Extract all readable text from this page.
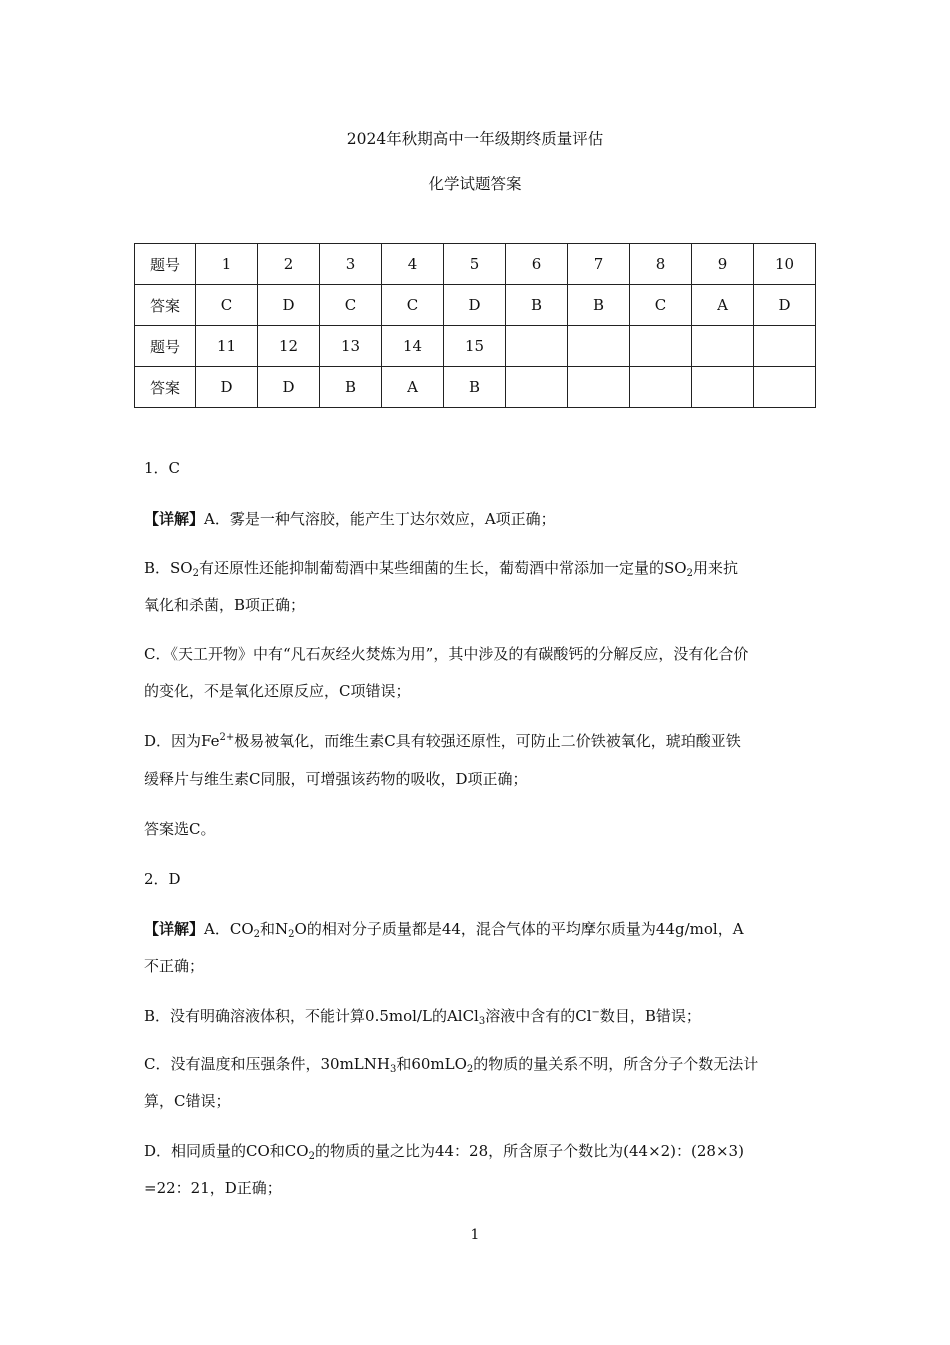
2024年秋期高中一年级期终质量评估
化学试题答案
题号	1	2	3	4	5	6	7	8	9	10
答案	C	D	C	C	D	B	B	C	A	D
题号	11	12	13	14	15					
答案	D	D	B	A	B					
1．C
【详解】A．雾是一种气溶胶，能产生丁达尔效应，A项正确；
B．$SO_2$有还原性还能抑制葡萄酒中某些细菌的生长，葡萄酒中常添加一定量的$SO_2$用来抗
氧化和杀菌，B项正确；
C．《天工开物》中有“凡石灰经火焚炼为用”，其中涉及的有碳酸钙的分解反应，没有化合价
的变化，不是氧化还原反应，C项错误；
D．因为$Fe^{2+}$极易被氧化，而维生素C具有较强还原性，可防止二价铁被氧化，琥珀酸亚铁
缓释片与维生素C同服，可增强该药物的吸收，D项正确；
答案选C。
2．D
【详解】A．$CO_2$和$N_2O$的相对分子质量都是44，混合气体的平均摩尔质量为44g/mol，A
不正确；
B．没有明确溶液体积，不能计算0.5mol/L的AlCl$_3$溶液中含有的Cl−数目，B错误；
C．没有温度和压强条件，30mLNH$_3$和60mLO$_2$的物质的量关系不明，所含分子个数无法计
算，C错误；
D．相同质量的CO和$CO_2$的物质的量之比为44：28，所含原子个数比为(44×2)：(28×3)
=22：21，D正确；
1
